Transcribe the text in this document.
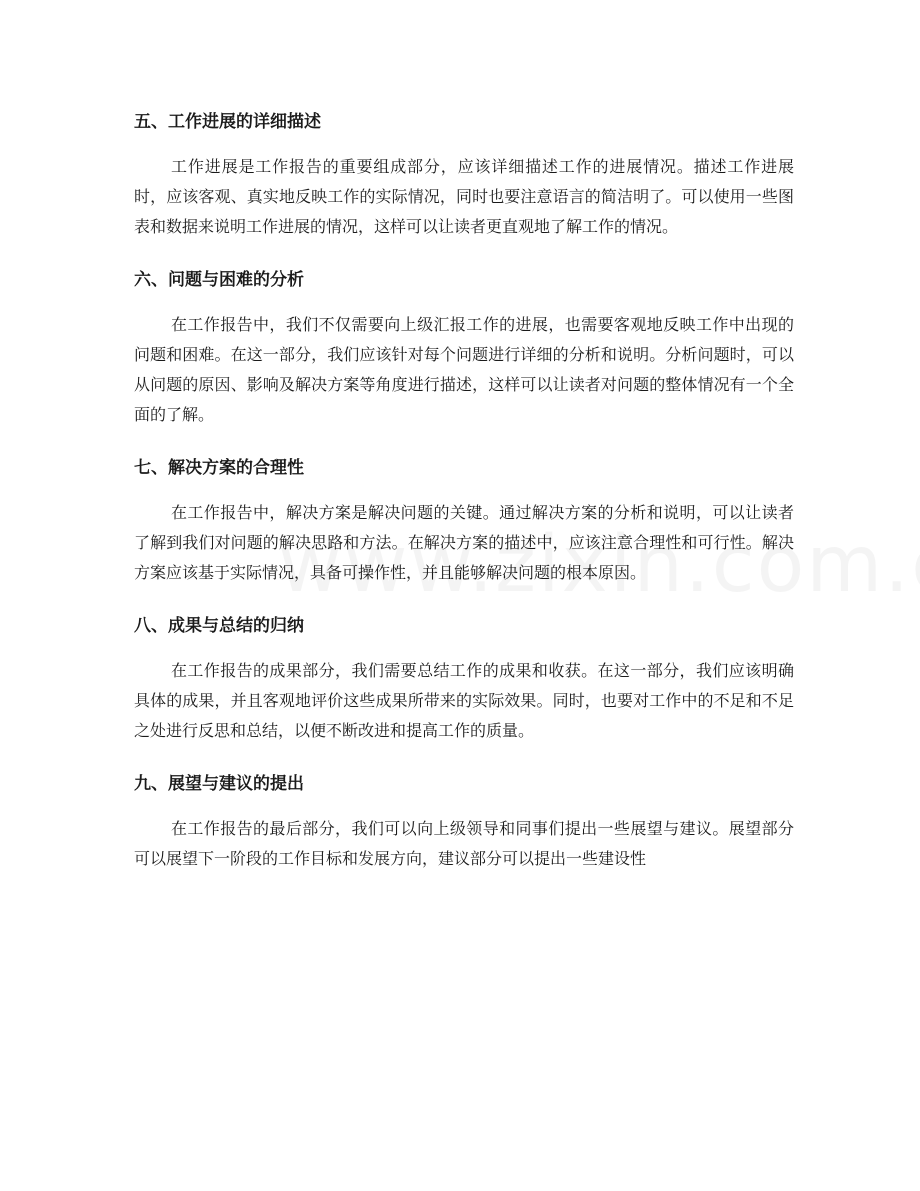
五、工作进展的详细描述

工作进展是工作报告的重要组成部分，应该详细描述工作的进展情况。描述工作进展时，应该客观、真实地反映工作的实际情况，同时也要注意语言的简洁明了。可以使用一些图表和数据来说明工作进展的情况，这样可以让读者更直观地了解工作的情况。

六、问题与困难的分析

在工作报告中，我们不仅需要向上级汇报工作的进展，也需要客观地反映工作中出现的问题和困难。在这一部分，我们应该针对每个问题进行详细的分析和说明。分析问题时，可以从问题的原因、影响及解决方案等角度进行描述，这样可以让读者对问题的整体情况有一个全面的了解。

七、解决方案的合理性

在工作报告中，解决方案是解决问题的关键。通过解决方案的分析和说明，可以让读者了解到我们对问题的解决思路和方法。在解决方案的描述中，应该注意合理性和可行性。解决方案应该基于实际情况，具备可操作性，并且能够解决问题的根本原因。

八、成果与总结的归纳

在工作报告的成果部分，我们需要总结工作的成果和收获。在这一部分，我们应该明确具体的成果，并且客观地评价这些成果所带来的实际效果。同时，也要对工作中的不足和不足之处进行反思和总结，以便不断改进和提高工作的质量。

九、展望与建议的提出

在工作报告的最后部分，我们可以向上级领导和同事们提出一些展望与建议。展望部分可以展望下一阶段的工作目标和发展方向，建议部分可以提出一些建设性
